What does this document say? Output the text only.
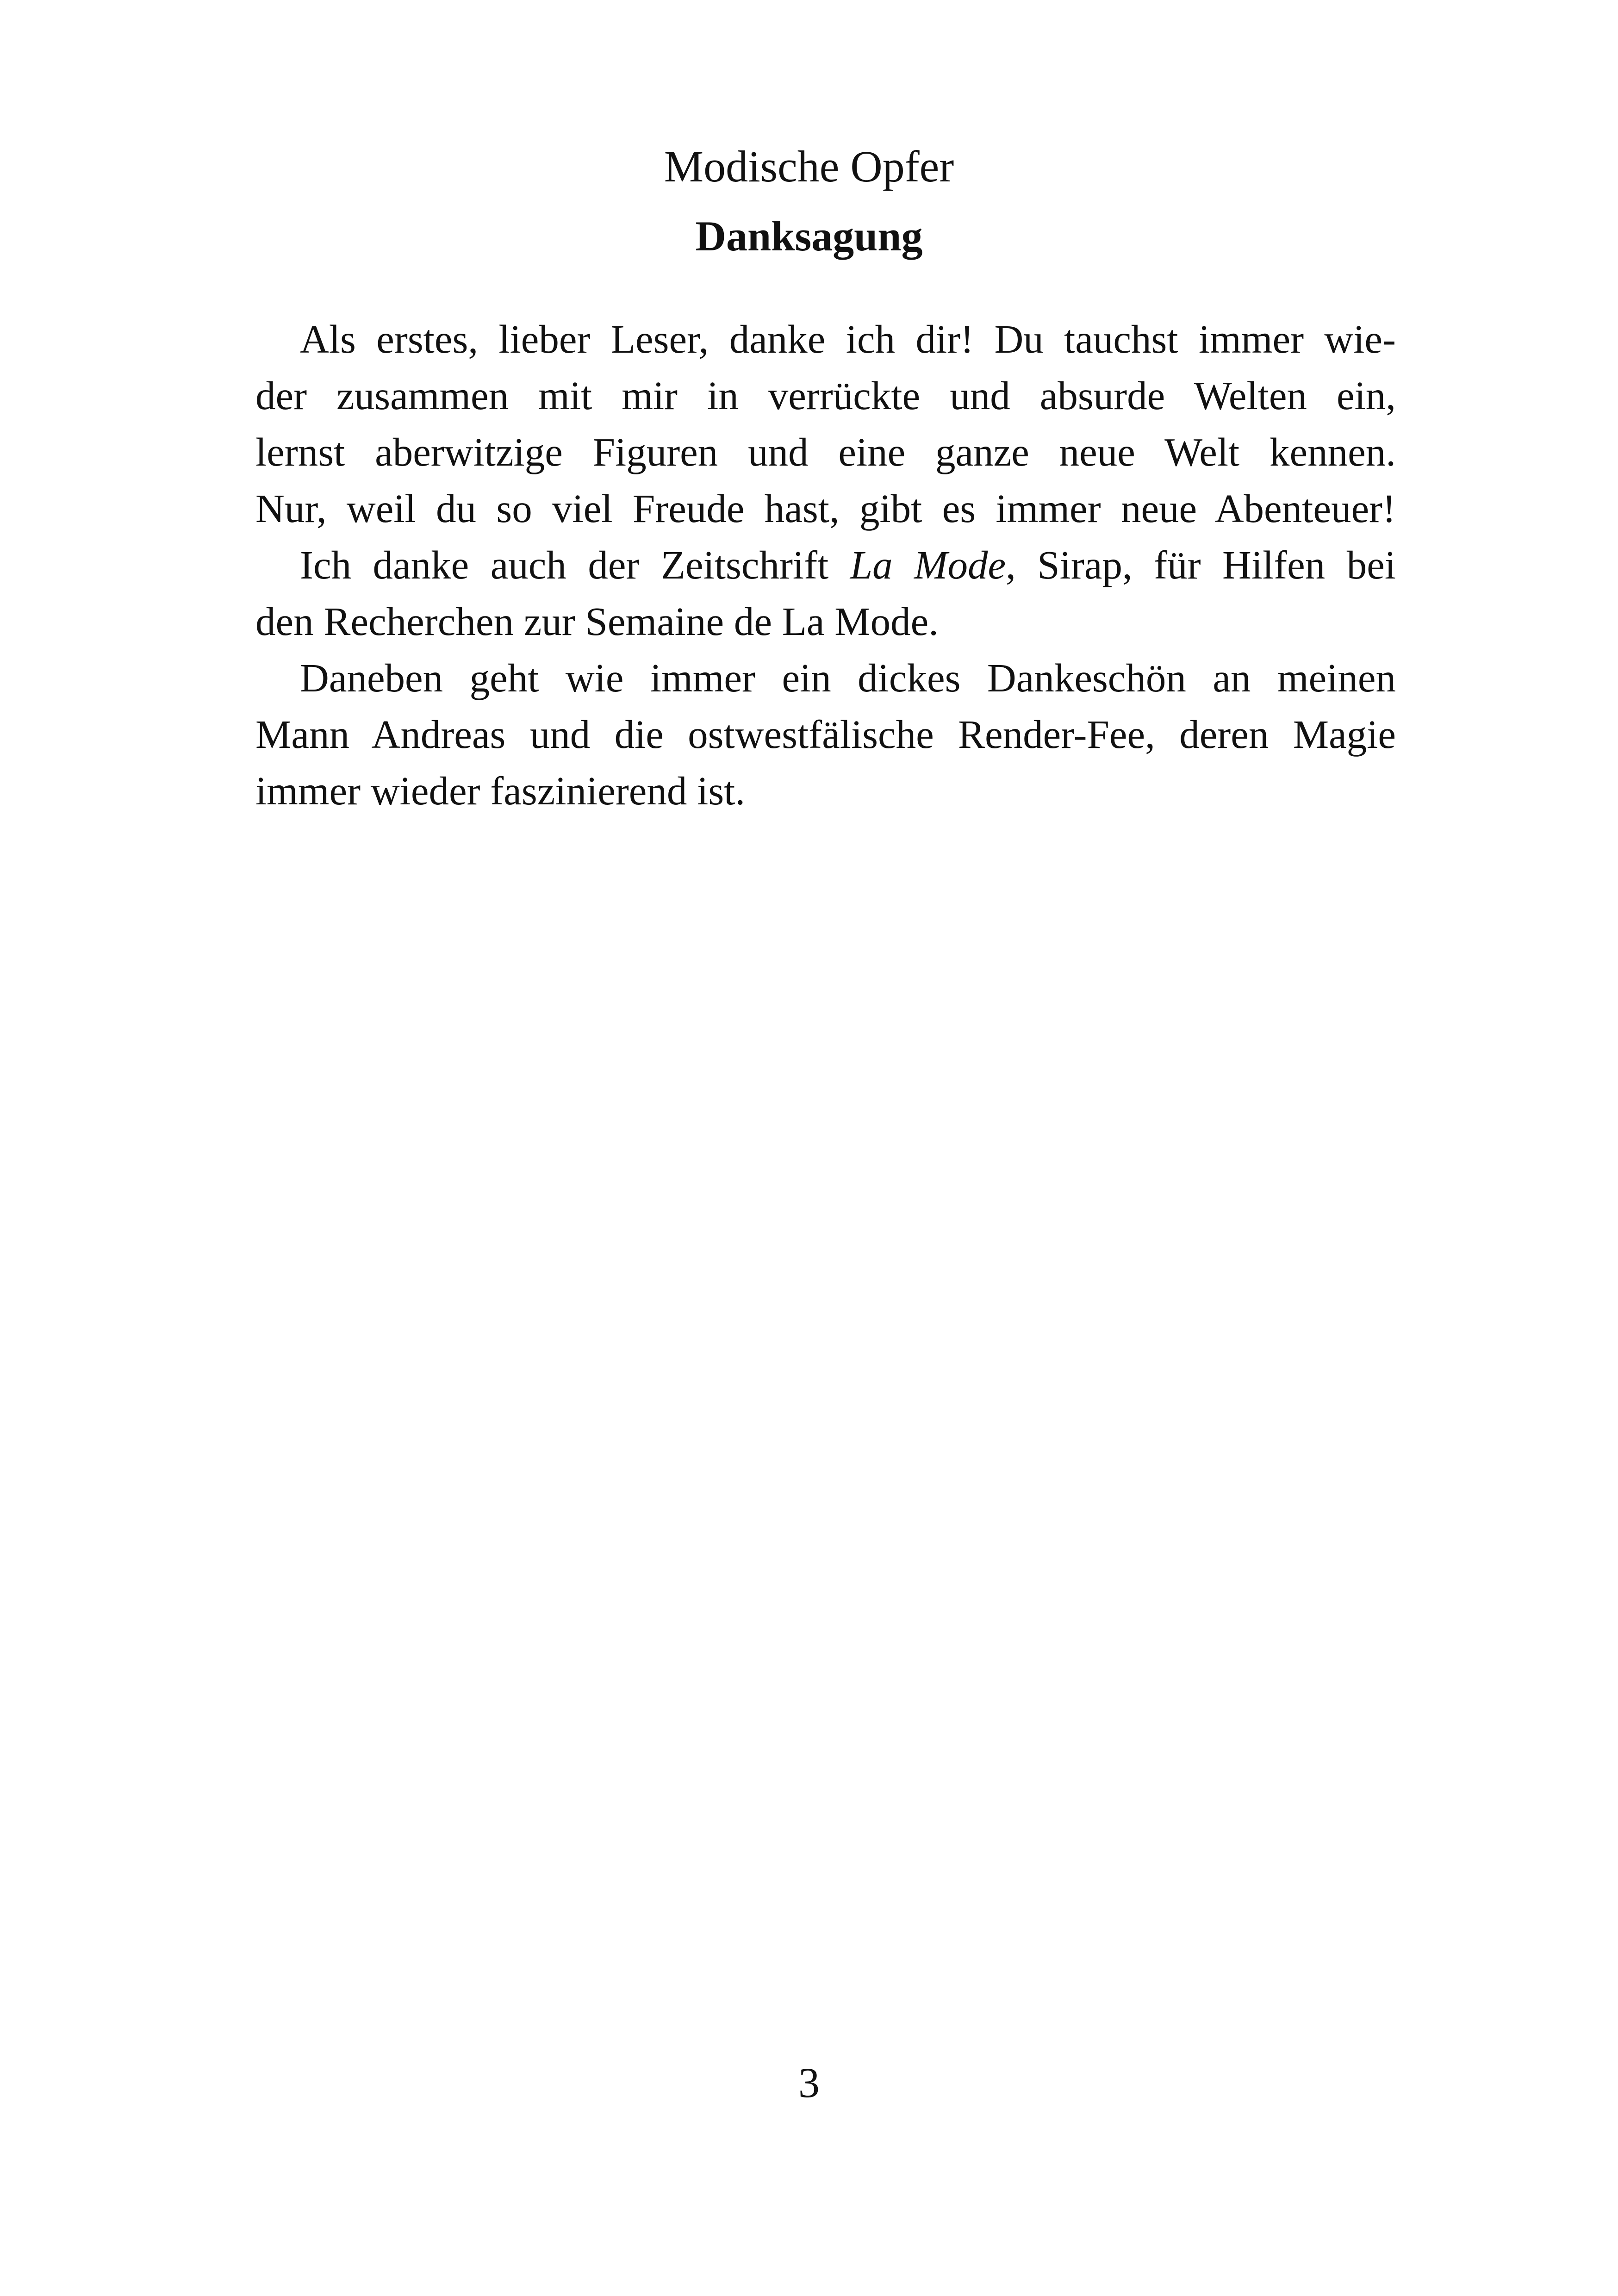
Modische Opfer
Danksagung

Als erstes, lieber Leser, danke ich dir! Du tauchst immer wie-
der zusammen mit mir in verrückte und absurde Welten ein,
lernst aberwitzige Figuren und eine ganze neue Welt kennen.
Nur, weil du so viel Freude hast, gibt es immer neue Abenteuer!

Ich danke auch der Zeitschrift La Mode, Sirap, für Hilfen bei
den Recherchen zur Semaine de La Mode.

Daneben geht wie immer ein dickes Dankeschön an meinen
Mann Andreas und die ostwestfälische Render-Fee, deren Magie
immer wieder faszinierend ist.

3
